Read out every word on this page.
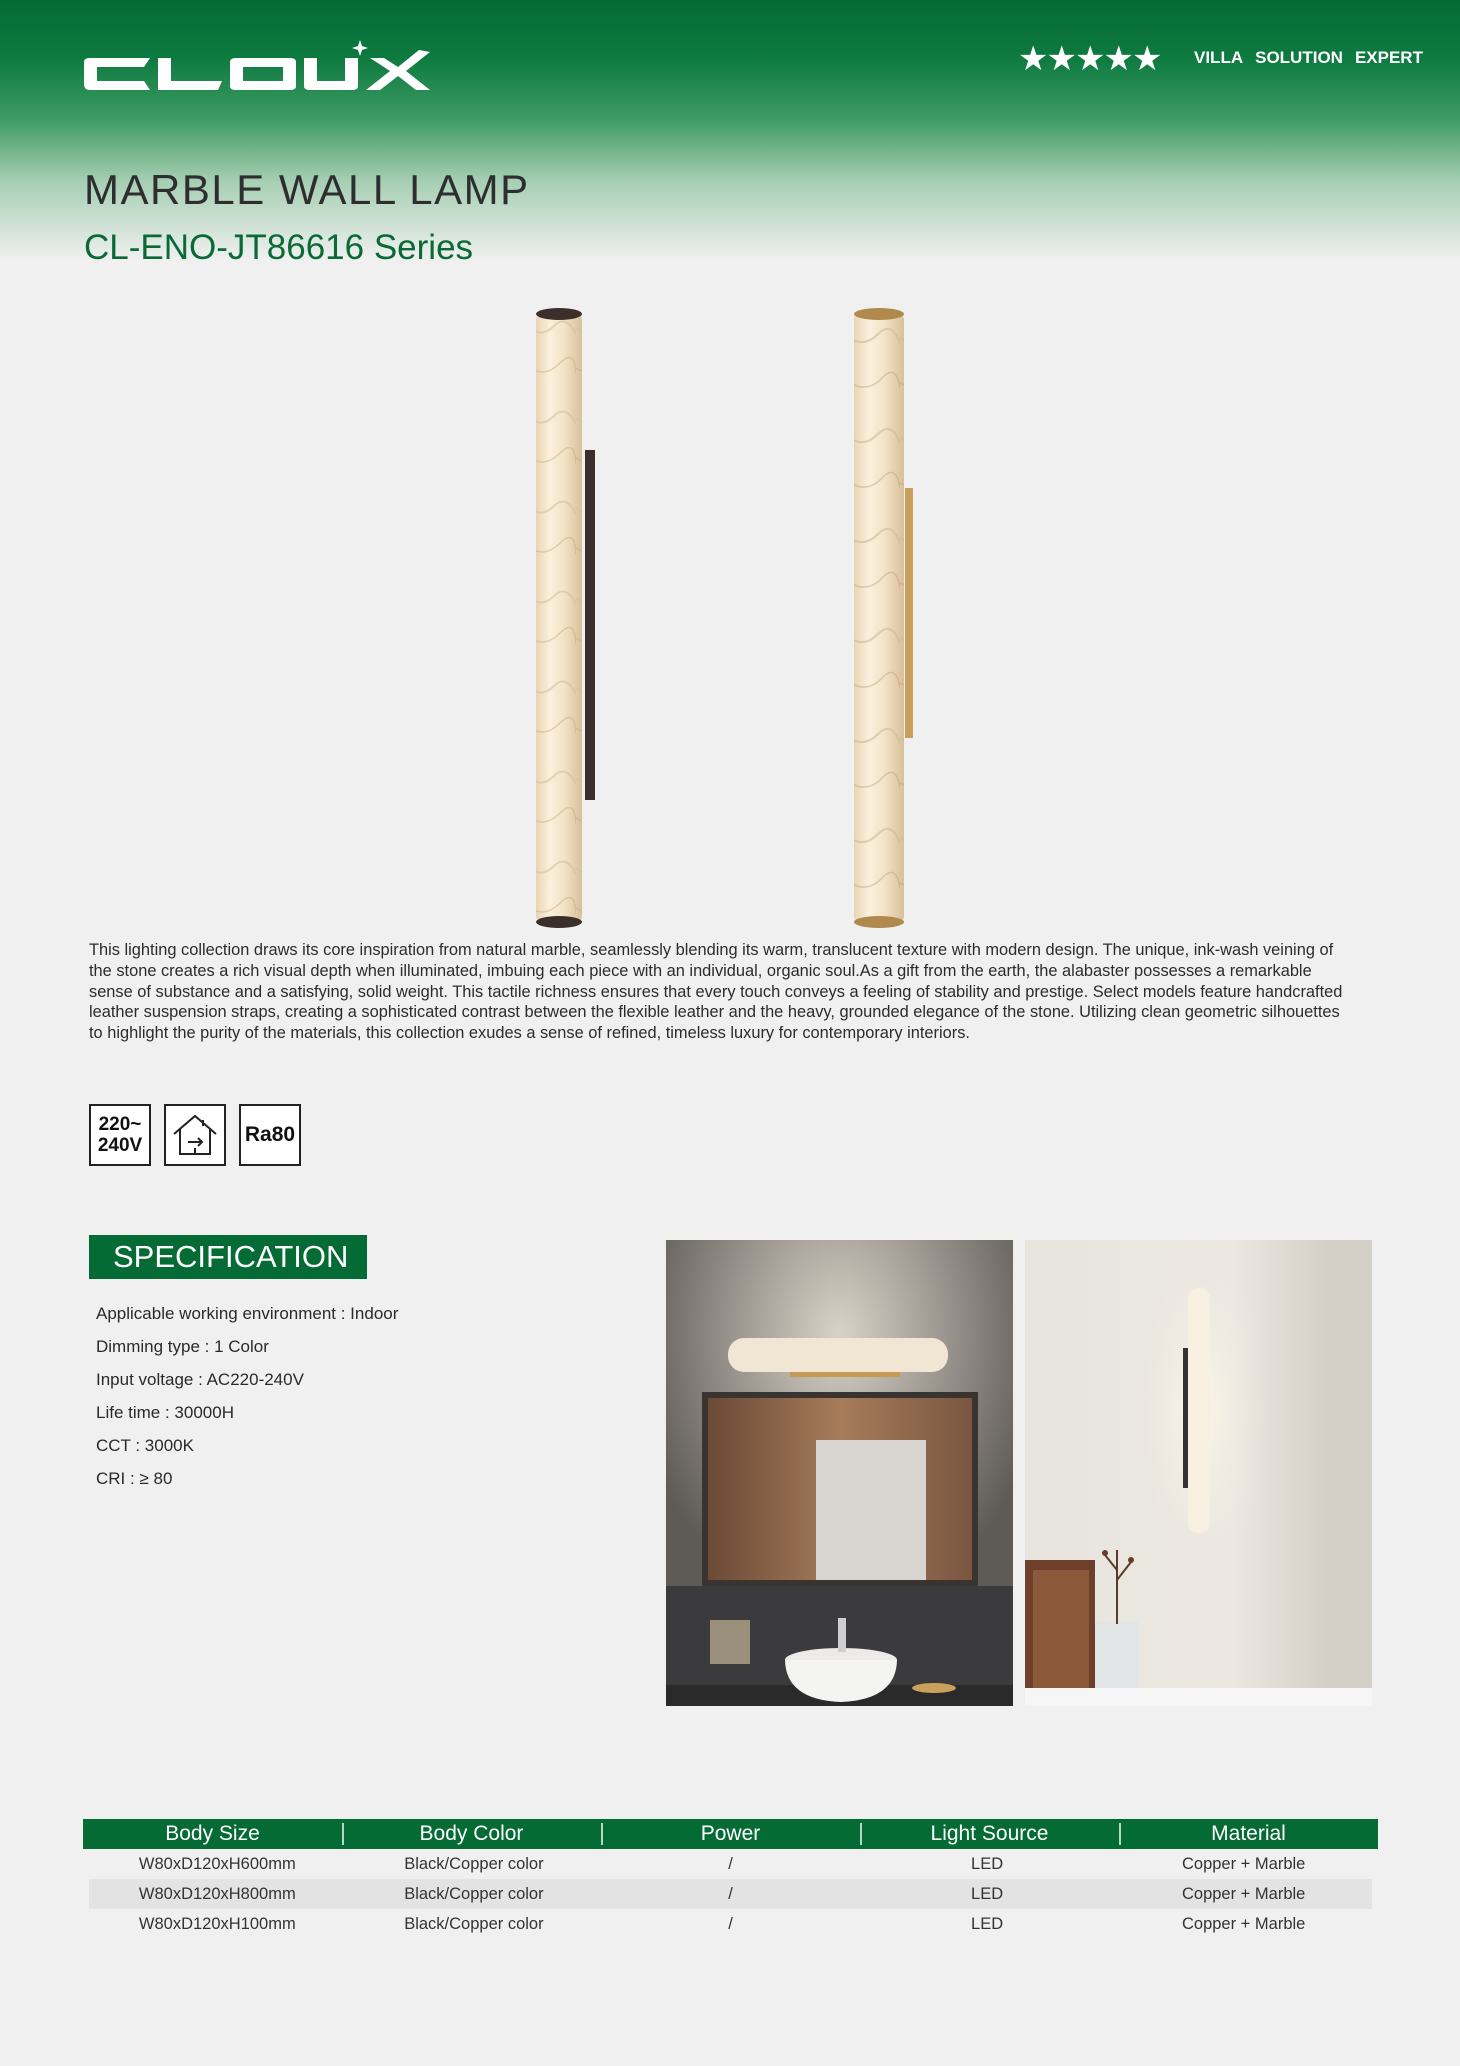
★ ★ ★ ★ ★ VILLA SOLUTION EXPERT
MARBLE WALL LAMP
CL-ENO-JT86616 Series

This lighting collection draws its core inspiration from natural marble, seamlessly blending its warm, translucent texture with modern design. The unique, ink-wash veining of the stone creates a rich visual depth when illuminated, imbuing each piece with an individual, organic soul.As a gift from the earth, the alabaster possesses a remarkable sense of substance and a satisfying, solid weight. This tactile richness ensures that every touch conveys a feeling of stability and prestige. Select models feature handcrafted leather suspension straps, creating a sophisticated contrast between the flexible leather and the heavy, grounded elegance of the stone. Utilizing clean geometric silhouettes to highlight the purity of the materials, this collection exudes a sense of refined, timeless luxury for contemporary interiors.

220~
240V	Ra80
SPECIFICATION
Applicable working environment : Indoor
Dimming type : 1 Color
Input voltage : AC220-240V
Life time : 30000H
CCT : 3000K
CRI : ≥ 80
Body Size	Body Color	Power	Light Source	Material
W80xD120xH600mm	Black/Copper color	/	LED	Copper + Marble
W80xD120xH800mm	Black/Copper color	/	LED	Copper + Marble
W80xD120xH100mm	Black/Copper color	/	LED	Copper + Marble
